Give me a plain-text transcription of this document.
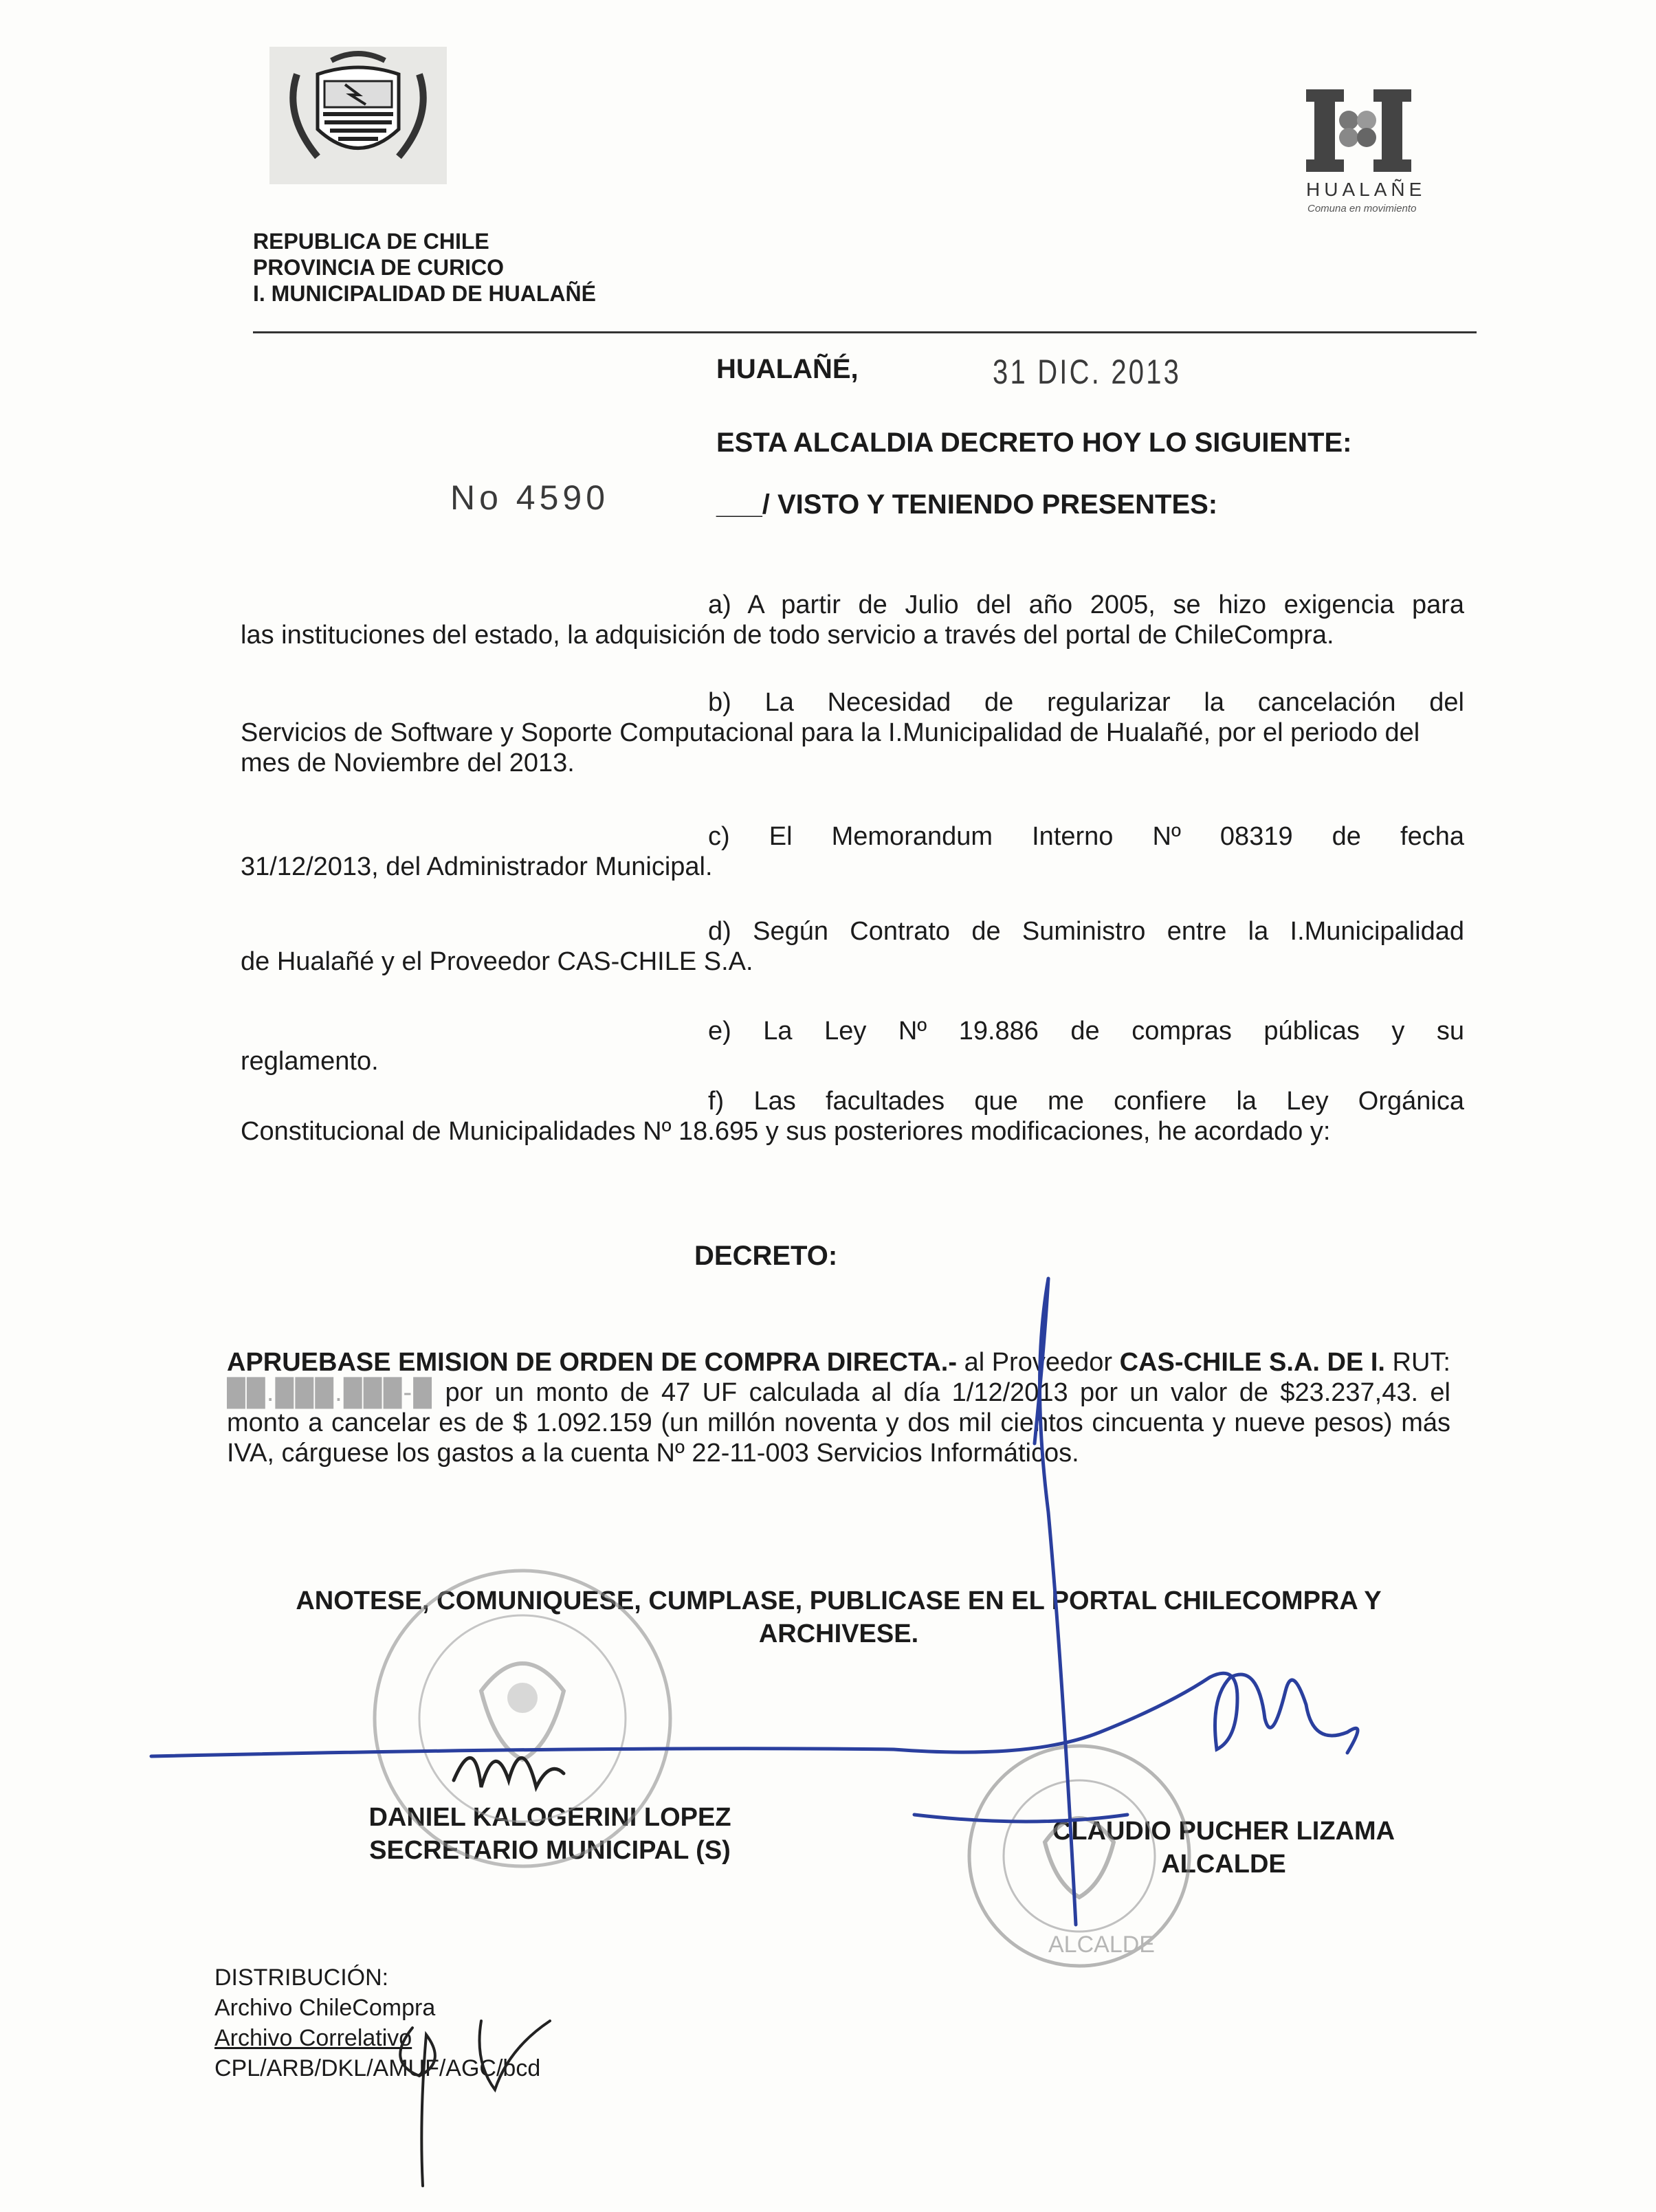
HUALAÑE
Comuna en movimiento
REPUBLICA DE CHILE
PROVINCIA DE CURICO
I. MUNICIPALIDAD DE HUALAÑÉ
HUALAÑÉ,	31 DIC. 2013
ESTA ALCALDIA DECRETO HOY LO SIGUIENTE:
No 4590	___/ VISTO Y TENIENDO PRESENTES:
a) A partir de Julio del año 2005, se hizo exigencia para
las instituciones del estado, la adquisición de todo servicio a través del portal de ChileCompra.
b) La Necesidad de regularizar la cancelación del
Servicios de Software y Soporte Computacional para la I.Municipalidad de Hualañé, por el periodo del mes de Noviembre del 2013.
c) El Memorandum Interno Nº 08319 de fecha
31/12/2013, del Administrador Municipal.
d) Según Contrato de Suministro entre la I.Municipalidad
de Hualañé y el Proveedor CAS-CHILE S.A.
e) La Ley Nº 19.886 de compras públicas y su
reglamento.
f) Las facultades que me confiere la Ley Orgánica
Constitucional de Municipalidades Nº 18.695 y sus posteriores modificaciones, he acordado y:
DECRETO:
APRUEBASE EMISION DE ORDEN DE COMPRA DIRECTA.- al Proveedor CAS-CHILE S.A. DE I. RUT: ██.███.███-█ por un monto de 47 UF calculada al día 1/12/2013 por un valor de $23.237,43. el monto a cancelar es de $ 1.092.159 (un millón noventa y dos mil cientos cincuenta y nueve pesos) más IVA, cárguese los gastos a la cuenta Nº 22-11-003 Servicios Informáticos.
ANOTESE, COMUNIQUESE, CUMPLASE, PUBLICASE EN EL PORTAL CHILECOMPRA Y
ARCHIVESE.
DANIEL KALOGERINI LOPEZ
SECRETARIO MUNICIPAL (S)
CLAUDIO PUCHER LIZAMA
ALCALDE
DISTRIBUCIÓN:
Archivo ChileCompra
Archivo Correlativo
CPL/ARB/DKL/AMUF/AGC/bcd
ALCALDE
